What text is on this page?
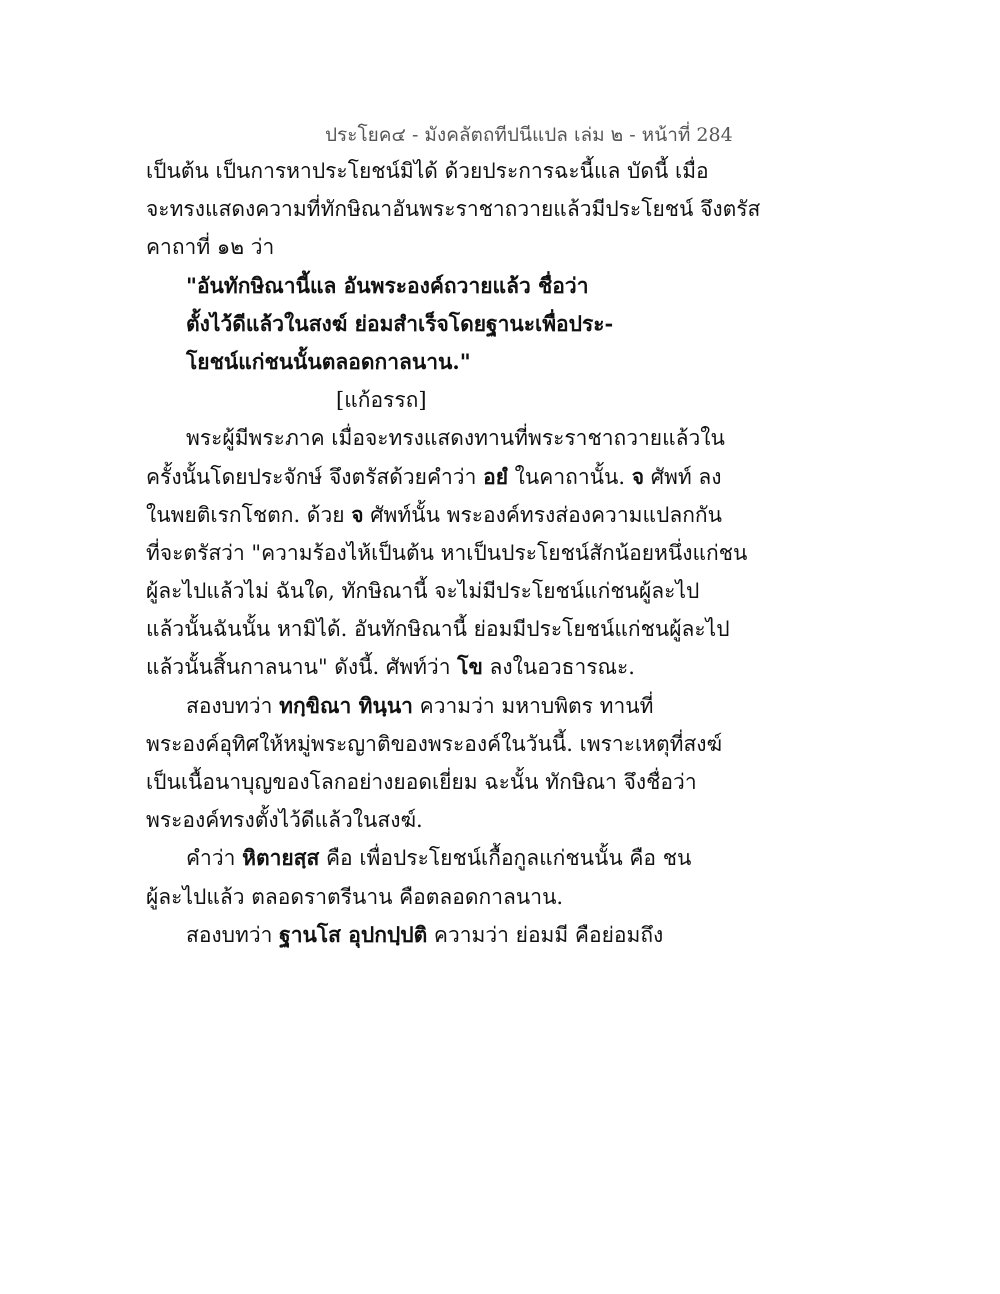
ประโยค๔ - มังคลัตถทีปนีแปล เล่ม ๒ - หน้าที่ 284
เป็นต้น เป็นการหาประโยชน์มิได้ ด้วยประการฉะนี้แล บัดนี้ เมื่อ
จะทรงแสดงความที่ทักษิณาอันพระราชาถวายแล้วมีประโยชน์ จึงตรัส
คาถาที่ ๑๒ ว่า
"อันทักษิณานี้แล อันพระองค์ถวายแล้ว ชื่อว่า
ตั้งไว้ดีแล้วในสงฆ์ ย่อมสำเร็จโดยฐานะเพื่อประ-
โยชน์แก่ชนนั้นตลอดกาลนาน."
[แก้อรรถ]
พระผู้มีพระภาค เมื่อจะทรงแสดงทานที่พระราชาถวายแล้วใน
ครั้งนั้นโดยประจักษ์ จึงตรัสด้วยคำว่า อยํ ในคาถานั้น. จ ศัพท์ ลง
ในพยติเรกโชตก. ด้วย จ ศัพท์นั้น พระองค์ทรงส่องความแปลกกัน
ที่จะตรัสว่า "ความร้องไห้เป็นต้น หาเป็นประโยชน์สักน้อยหนึ่งแก่ชน
ผู้ละไปแล้วไม่ ฉันใด, ทักษิณานี้ จะไม่มีประโยชน์แก่ชนผู้ละไป
แล้วนั้นฉันนั้น หามิได้. อันทักษิณานี้ ย่อมมีประโยชน์แก่ชนผู้ละไป
แล้วนั้นสิ้นกาลนาน" ดังนี้. ศัพท์ว่า โข ลงในอวธารณะ.
สองบทว่า ทกฺขิณา ทินฺนา ความว่า มหาบพิตร ทานที่
พระองค์อุทิศให้หมู่พระญาติของพระองค์ในวันนี้. เพราะเหตุที่สงฆ์
เป็นเนื้อนาบุญของโลกอย่างยอดเยี่ยม ฉะนั้น ทักษิณา จึงชื่อว่า
พระองค์ทรงตั้งไว้ดีแล้วในสงฆ์.
คำว่า หิตายสฺส คือ เพื่อประโยชน์เกื้อกูลแก่ชนนั้น คือ ชน
ผู้ละไปแล้ว ตลอดราตรีนาน คือตลอดกาลนาน.
สองบทว่า ฐานโส อุปกปฺปติ ความว่า ย่อมมี คือย่อมถึง
